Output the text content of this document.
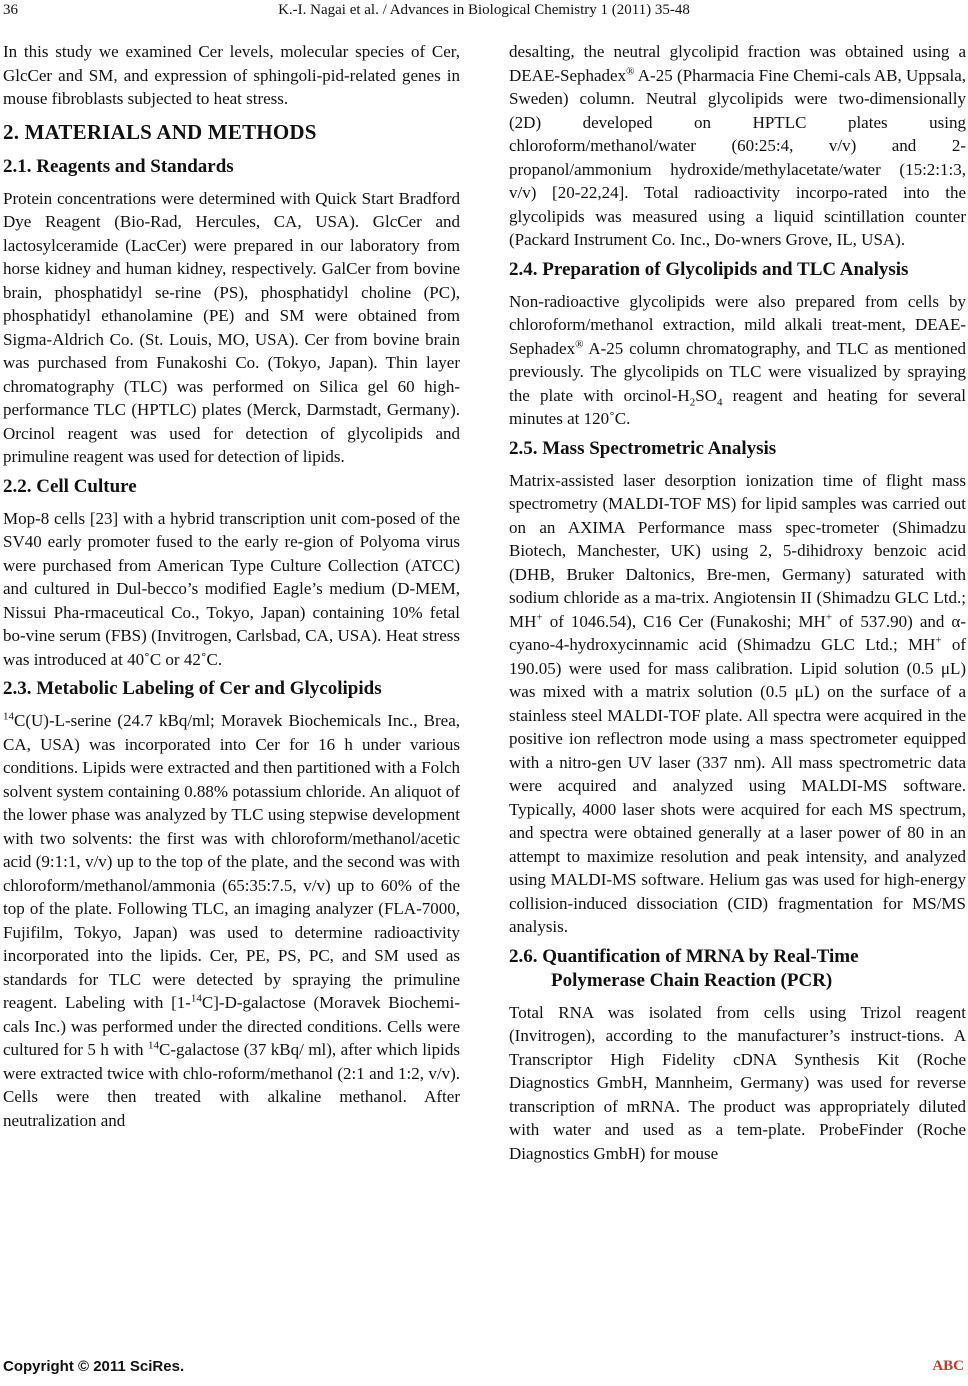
36	K.-I. Nagai et al. / Advances in Biological Chemistry 1 (2011) 35-48

In this study we examined Cer levels, molecular species of Cer, GlcCer and SM, and expression of sphingoli-pid-related genes in mouse fibroblasts subjected to heat stress.

2. MATERIALS AND METHODS
2.1. Reagents and Standards

Protein concentrations were determined with Quick Start Bradford Dye Reagent (Bio-Rad, Hercules, CA, USA). GlcCer and lactosylceramide (LacCer) were prepared in our laboratory from horse kidney and human kidney, respectively. GalCer from bovine brain, phosphatidyl se-rine (PS), phosphatidyl choline (PC), phosphatidyl ethanolamine (PE) and SM were obtained from Sigma-Aldrich Co. (St. Louis, MO, USA). Cer from bovine brain was purchased from Funakoshi Co. (Tokyo, Japan). Thin layer chromatography (TLC) was performed on Silica gel 60 high-performance TLC (HPTLC) plates (Merck, Darmstadt, Germany). Orcinol reagent was used for detection of glycolipids and primuline reagent was used for detection of lipids.

2.2. Cell Culture

Mop-8 cells [23] with a hybrid transcription unit com-posed of the SV40 early promoter fused to the early re-gion of Polyoma virus were purchased from American Type Culture Collection (ATCC) and cultured in Dul-becco’s modified Eagle’s medium (D-MEM, Nissui Pha-rmaceutical Co., Tokyo, Japan) containing 10% fetal bo-vine serum (FBS) (Invitrogen, Carlsbad, CA, USA). Heat stress was introduced at 40˚C or 42˚C.

2.3. Metabolic Labeling of Cer and Glycolipids

$^{14}$C(U)-L-serine (24.7 kBq/ml; Moravek Biochemicals Inc., Brea, CA, USA) was incorporated into Cer for 16 h under various conditions. Lipids were extracted and then partitioned with a Folch solvent system containing 0.88% potassium chloride. An aliquot of the lower phase was analyzed by TLC using stepwise development with two solvents: the first was with chloroform/methanol/acetic acid (9:1:1, v/v) up to the top of the plate, and the second was with chloroform/methanol/ammonia (65:35:7.5, v/v) up to 60% of the top of the plate. Following TLC, an imaging analyzer (FLA-7000, Fujifilm, Tokyo, Japan) was used to determine radioactivity incorporated into the lipids. Cer, PE, PS, PC, and SM used as standards for TLC were detected by spraying the primuline reagent. Labeling with [1-$^{14}$C]-D-galactose (Moravek Biochemi-cals Inc.) was performed under the directed conditions. Cells were cultured for 5 h with $^{14}$C-galactose (37 kBq/ ml), after which lipids were extracted twice with chlo-roform/methanol (2:1 and 1:2, v/v). Cells were then treated with alkaline methanol. After neutralization and

desalting, the neutral glycolipid fraction was obtained using a DEAE-Sephadex® A-25 (Pharmacia Fine Chemi-cals AB, Uppsala, Sweden) column. Neutral glycolipids were two-dimensionally (2D) developed on HPTLC plates using chloroform/methanol/water (60:25:4, v/v) and 2-propanol/ammonium hydroxide/methylacetate/water (15:2:1:3, v/v) [20-22,24]. Total radioactivity incorpo-rated into the glycolipids was measured using a liquid scintillation counter (Packard Instrument Co. Inc., Do-wners Grove, IL, USA).

2.4. Preparation of Glycolipids and TLC Analysis

Non-radioactive glycolipids were also prepared from cells by chloroform/methanol extraction, mild alkali treat-ment, DEAE-Sephadex® A-25 column chromatography, and TLC as mentioned previously. The glycolipids on TLC were visualized by spraying the plate with orcinol-$H_2SO_4$ reagent and heating for several minutes at 120˚C.

2.5. Mass Spectrometric Analysis

Matrix-assisted laser desorption ionization time of flight mass spectrometry (MALDI-TOF MS) for lipid samples was carried out on an AXIMA Performance mass spec-trometer (Shimadzu Biotech, Manchester, UK) using 2, 5-dihidroxy benzoic acid (DHB, Bruker Daltonics, Bre-men, Germany) saturated with sodium chloride as a ma-trix. Angiotensin II (Shimadzu GLC Ltd.; MH+ of 1046.54), C16 Cer (Funakoshi; MH+ of 537.90) and α-cyano-4-hydroxycinnamic acid (Shimadzu GLC Ltd.; MH+ of 190.05) were used for mass calibration. Lipid solution (0.5 μL) was mixed with a matrix solution (0.5 μL) on the surface of a stainless steel MALDI-TOF plate. All spectra were acquired in the positive ion reflectron mode using a mass spectrometer equipped with a nitro-gen UV laser (337 nm). All mass spectrometric data were acquired and analyzed using MALDI-MS software. Typically, 4000 laser shots were acquired for each MS spectrum, and spectra were obtained generally at a laser power of 80 in an attempt to maximize resolution and peak intensity, and analyzed using MALDI-MS software. Helium gas was used for high-energy collision-induced dissociation (CID) fragmentation for MS/MS analysis.

2.6. Quantification of MRNA by Real-Time
Polymerase Chain Reaction (PCR)

Total RNA was isolated from cells using Trizol reagent (Invitrogen), according to the manufacturer’s instruct-tions. A Transcriptor High Fidelity cDNA Synthesis Kit (Roche Diagnostics GmbH, Mannheim, Germany) was used for reverse transcription of mRNA. The product was appropriately diluted with water and used as a tem-plate. ProbeFinder (Roche Diagnostics GmbH) for mouse

Copyright © 2011 SciRes.	ABC
